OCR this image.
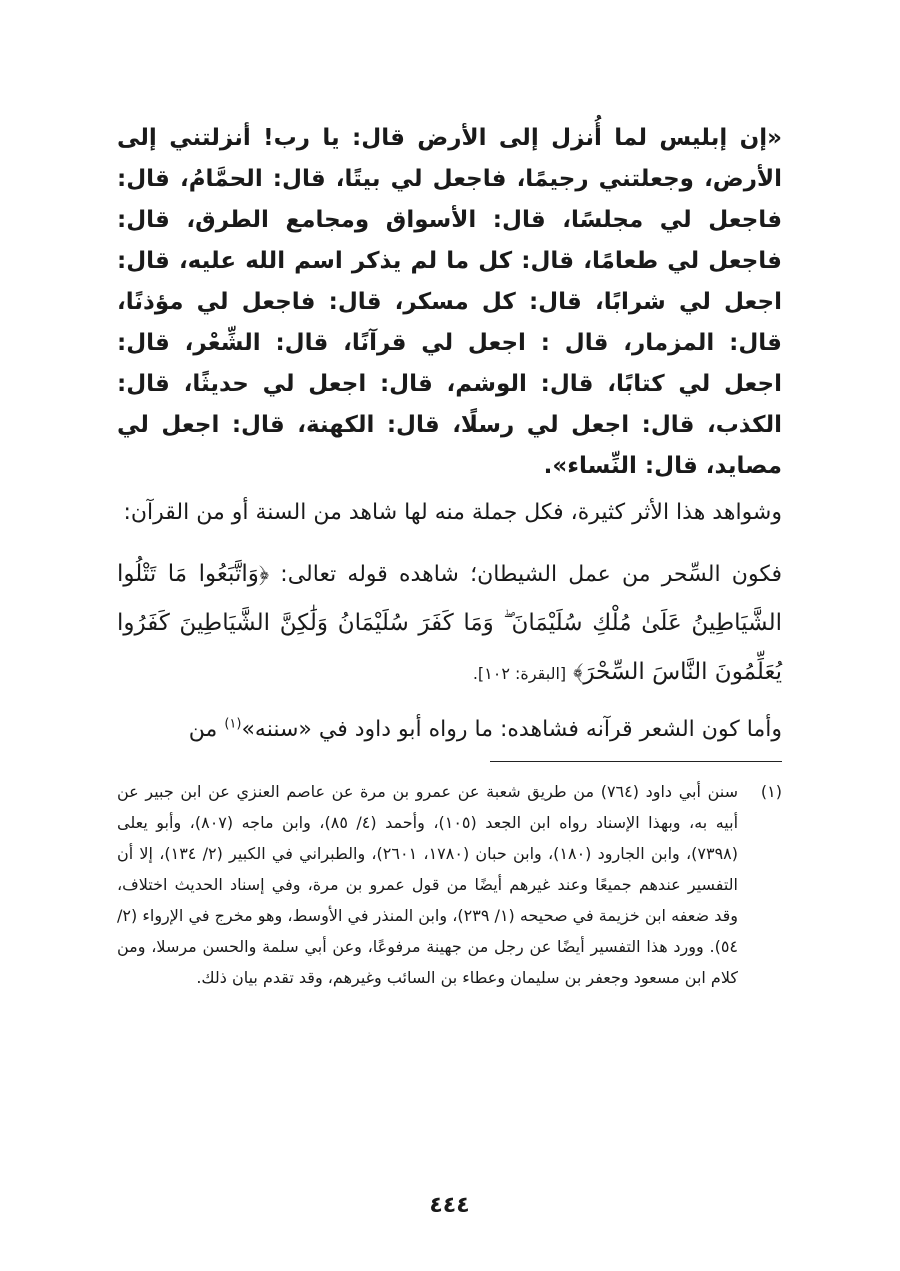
«إن إبليس لما أُنزل إلى الأرض قال: يا رب! أنزلتني إلى الأرض، وجعلتني رجيمًا، فاجعل لي بيتًا، قال: الحمَّامُ، قال: فاجعل لي مجلسًا، قال: الأسواق ومجامع الطرق، قال: فاجعل لي طعامًا، قال: كل ما لم يذكر اسم الله عليه، قال: اجعل لي شرابًا، قال: كل مسكر، قال: فاجعل لي مؤذنًا، قال: المزمار، قال : اجعل لي قرآنًا، قال: الشِّعْر، قال: اجعل لي كتابًا، قال: الوشم، قال: اجعل لي حديثًا، قال: الكذب، قال: اجعل لي رسلًا، قال: الكهنة، قال: اجعل لي مصايد، قال: النِّساء».

وشواهد هذا الأثر كثيرة، فكل جملة منه لها شاهد من السنة أو من القرآن:

فكون السِّحر من عمل الشيطان؛ شاهده قوله تعالى: ﴿وَاتَّبَعُوا مَا تَتْلُوا الشَّيَاطِينُ عَلَىٰ مُلْكِ سُلَيْمَانَ ۖ وَمَا كَفَرَ سُلَيْمَانُ وَلَٰكِنَّ الشَّيَاطِينَ كَفَرُوا يُعَلِّمُونَ النَّاسَ السِّحْرَ﴾ [البقرة: ١٠٢].

وأما كون الشعر قرآنه فشاهده: ما رواه أبو داود في «سننه»$^{(١)}$ من

(١)
سنن أبي داود (٧٦٤) من طريق شعبة عن عمرو بن مرة عن عاصم العنزي عن ابن جبير عن أبيه به، وبهذا الإسناد رواه ابن الجعد (١٠٥)، وأحمد (٤/ ٨٥)، وابن ماجه (٨٠٧)، وأبو يعلى (٧٣٩٨)، وابن الجارود (١٨٠)، وابن حبان (١٧٨٠، ٢٦٠١)، والطبراني في الكبير (٢/ ١٣٤)، إلا أن التفسير عندهم جميعًا وعند غيرهم أيضًا من قول عمرو بن مرة، وفي إسناد الحديث اختلاف، وقد ضعفه ابن خزيمة في صحيحه (١/ ٢٣٩)، وابن المنذر في الأوسط، وهو مخرج في الإرواء (٢/ ٥٤). وورد هذا التفسير أيضًا عن رجل من جهينة مرفوعًا، وعن أبي سلمة والحسن مرسلا، ومن كلام ابن مسعود وجعفر بن سليمان وعطاء بن السائب وغيرهم، وقد تقدم بيان ذلك.
٤٤٤
